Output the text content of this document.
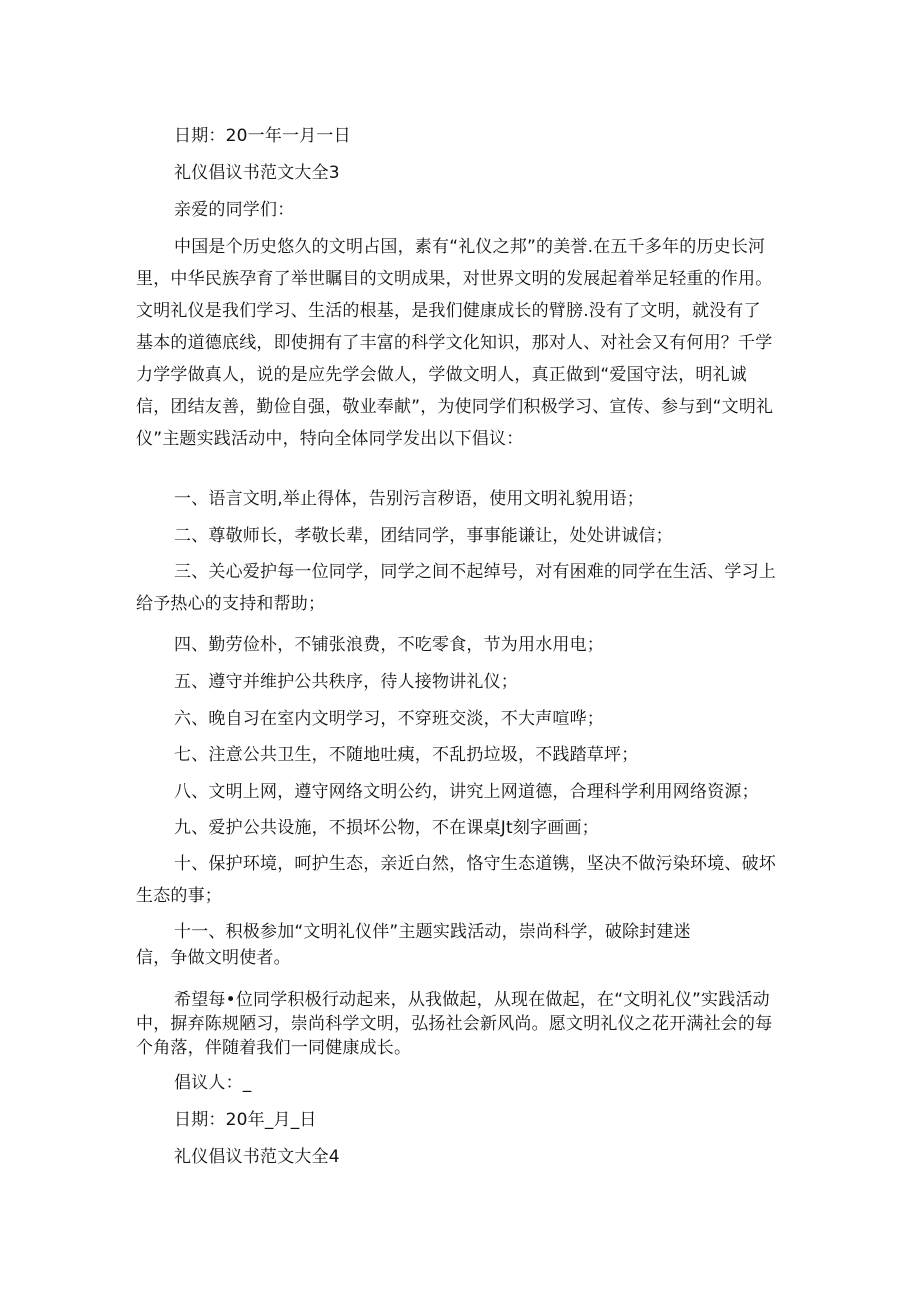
日期：20一年一月一日
礼仪倡议书范文大全3
亲爱的同学们：
中国是个历史悠久的文明占国，素有“礼仪之邦”的美誉.在五千多年的历史长河里，中华民族孕育了举世瞩目的文明成果，对世界文明的发展起着举足轻重的作用。文明礼仪是我们学习、生活的根基，是我们健康成长的臂膀.没有了文明，就没有了基本的道德底线，即使拥有了丰富的科学文化知识，那对人、对社会又有何用？千学力学学做真人，说的是应先学会做人，学做文明人，真正做到“爱国守法，明礼诚信，团结友善，勤俭自强，敬业奉献”，为使同学们积极学习、宣传、参与到“文明礼仪”主题实践活动中，特向全体同学发出以下倡议：
一、语言文明,举止得体，告别污言秽语，使用文明礼貌用语；
二、尊敬师长，孝敬长辈，团结同学，事事能谦让，处处讲诚信；
三、关心爱护每一位同学，同学之间不起绰号，对有困难的同学在生活、学习上给予热心的支持和帮助；
四、勤劳俭朴，不铺张浪费，不吃零食，节为用水用电；
五、遵守并维护公共秩序，待人接物讲礼仪；
六、晚自习在室内文明学习，不穿班交淡，不大声喧哗；
七、注意公共卫生，不随地吐痍，不乱扔垃圾，不践踏草坪；
八、文明上网，遵守网络文明公约，讲究上网道德，合理科学利用网络资源；
九、爱护公共设施，不损坏公物，不在课桌Jt刻字画画；
十、保护环境，呵护生态，亲近白然，恪守生态道镌，坚决不做污染环境、破坏生态的事；
十一、积极参加“文明礼仪伴”主题实践活动，崇尚科学，破除封建迷
信，争做文明使者。
希望每•位同学积极行动起来，从我做起，从现在做起，在“文明礼仪”实践活动中，摒弃陈规陋习，崇尚科学文明，弘扬社会新风尚。愿文明礼仪之花开满社会的每个角落，伴随着我们一同健康成长。
倡议人：_
日期：20年_月_日
礼仪倡议书范文大全4
